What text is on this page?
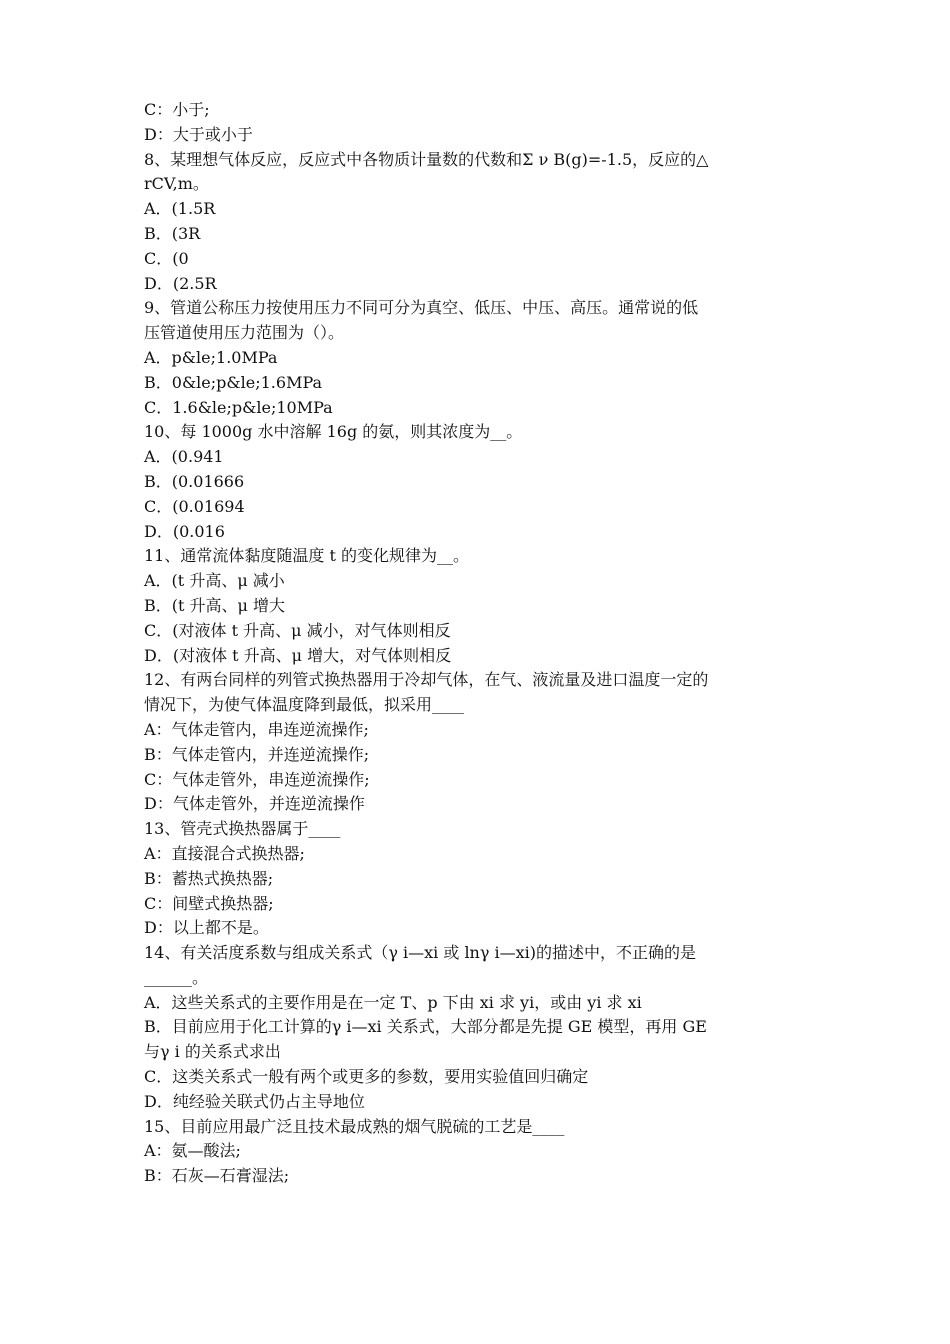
C：小于;
D：大于或小于
8、某理想气体反应，反应式中各物质计量数的代数和Σ ν B(g)=-1.5，反应的△
rCV,m。
A．(1.5R
B．(3R
C．(0
D．(2.5R
9、管道公称压力按使用压力不同可分为真空、低压、中压、高压。通常说的低
压管道使用压力范围为（）。
A．p&le;1.0MPa
B．0&le;p&le;1.6MPa
C．1.6&le;p&le;10MPa
10、每 1000g 水中溶解 16g 的氨，则其浓度为__。
A．(0.941
B．(0.01666
C．(0.01694
D．(0.016
11、通常流体黏度随温度 t 的变化规律为__。
A．(t 升高、μ 减小
B．(t 升高、μ 增大
C．(对液体 t 升高、μ 减小，对气体则相反
D．(对液体 t 升高、μ 增大，对气体则相反
12、有两台同样的列管式换热器用于冷却气体，在气、液流量及进口温度一定的
情况下，为使气体温度降到最低，拟采用____
A：气体走管内，串连逆流操作;
B：气体走管内，并连逆流操作;
C：气体走管外，串连逆流操作;
D：气体走管外，并连逆流操作
13、管壳式换热器属于____
A：直接混合式换热器;
B：蓄热式换热器;
C：间壁式换热器;
D：以上都不是。
14、有关活度系数与组成关系式（γ i—xi 或 lnγ i—xi)的描述中，不正确的是
______。
A．这些关系式的主要作用是在一定 T、p 下由 xi 求 yi，或由 yi 求 xi
B．目前应用于化工计算的γ i—xi 关系式，大部分都是先提 GE 模型，再用 GE
与γ i 的关系式求出
C．这类关系式一般有两个或更多的参数，要用实验值回归确定
D．纯经验关联式仍占主导地位
15、目前应用最广泛且技术最成熟的烟气脱硫的工艺是____
A：氨—酸法;
B：石灰—石膏湿法;
